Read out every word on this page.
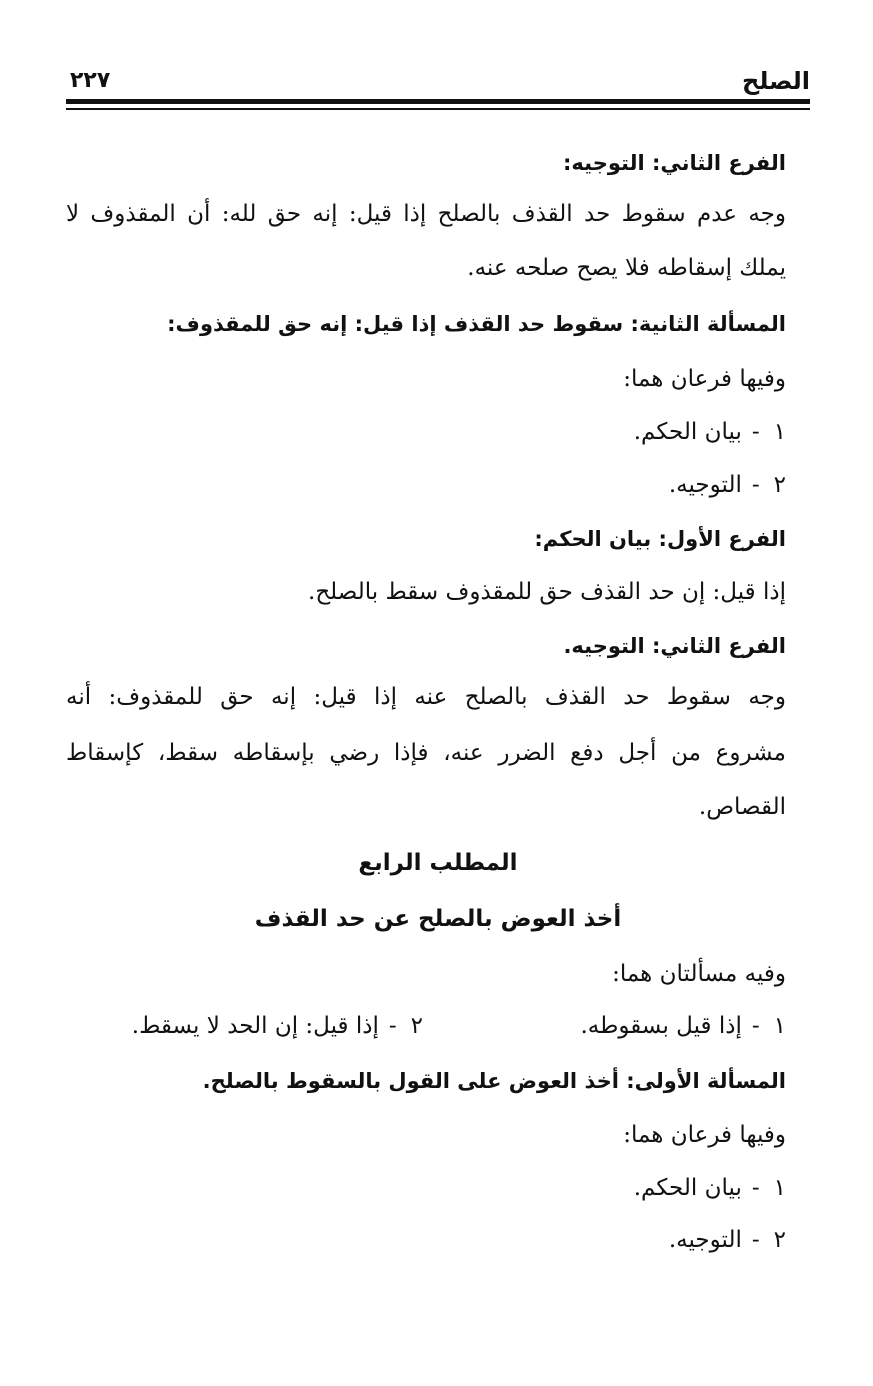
الصلح
٢٢٧
الفرع الثاني: التوجيه:
وجه عدم سقوط حد القذف بالصلح إذا قيل: إنه حق لله: أن المقذوف لا
يملك إسقاطه فلا يصح صلحه عنه.
المسألة الثانية: سقوط حد القذف إذا قيل: إنه حق للمقذوف:
وفيها فرعان هما:
١-بيان الحكم.
٢-التوجيه.
الفرع الأول: بيان الحكم:
إذا قيل: إن حد القذف حق للمقذوف سقط بالصلح.
الفرع الثاني: التوجيه.
وجه سقوط حد القذف بالصلح عنه إذا قيل: إنه حق للمقذوف: أنه
مشروع من أجل دفع الضرر عنه، فإذا رضي بإسقاطه سقط، كإسقاط
القصاص.
المطلب الرابع
أخذ العوض بالصلح عن حد القذف
وفيه مسألتان هما:
١-إذا قيل بسقوطه.
٢-إذا قيل: إن الحد لا يسقط.
المسألة الأولى: أخذ العوض على القول بالسقوط بالصلح.
وفيها فرعان هما:
١-بيان الحكم.
٢-التوجيه.
